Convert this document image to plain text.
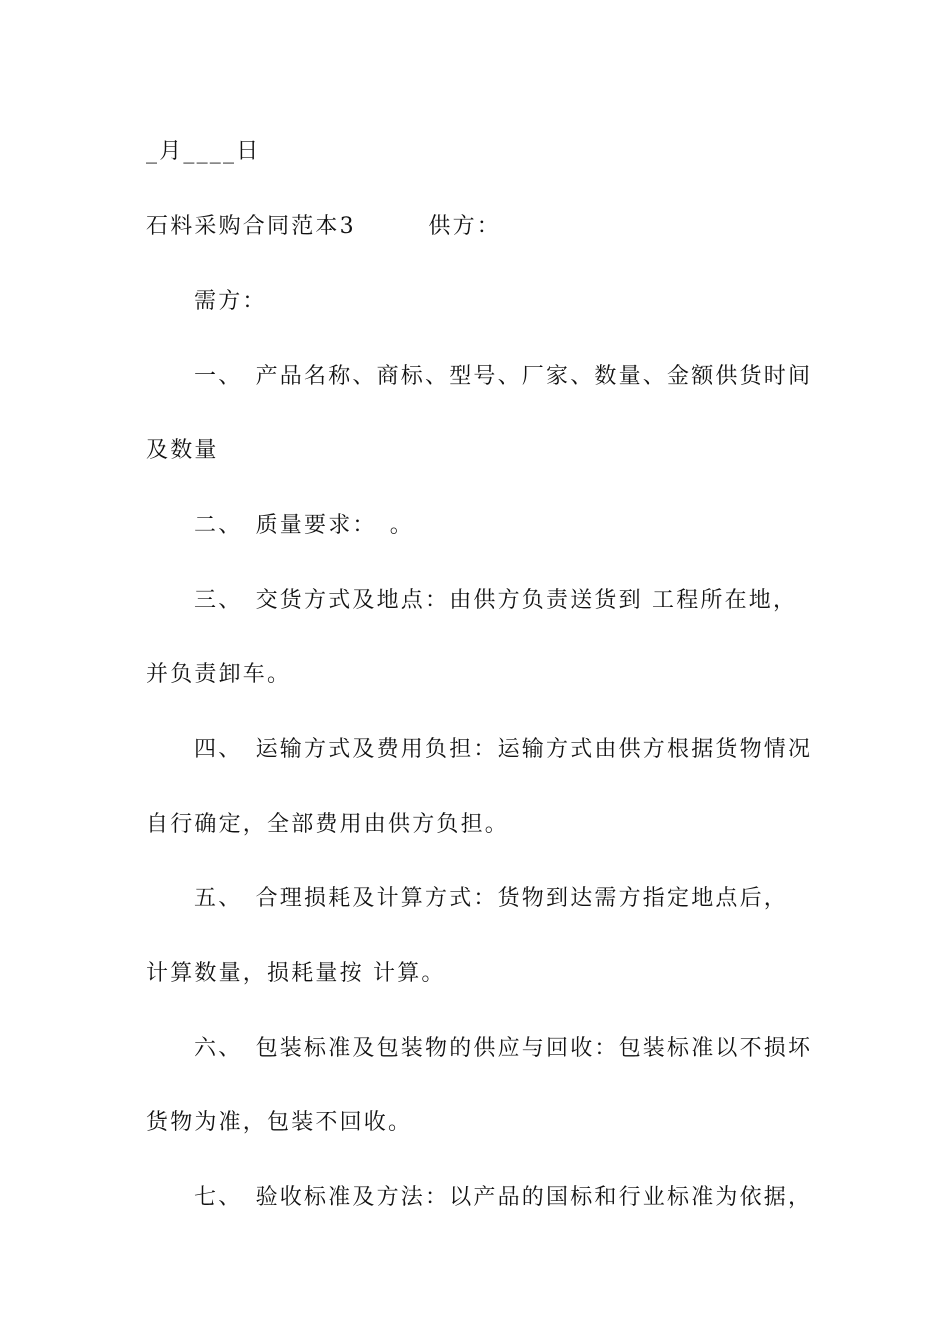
_月____日
石料采购合同范本3　　　供方：
需方：
一、　产品名称、商标、型号、厂家、数量、金额供货时间
及数量
二、　质量要求：　。
三、　交货方式及地点：由供方负责送货到 工程所在地，
并负责卸车。
四、　运输方式及费用负担：运输方式由供方根据货物情况
自行确定，全部费用由供方负担。
五、　合理损耗及计算方式：货物到达需方指定地点后，
计算数量，损耗量按 计算。
六、　包装标准及包装物的供应与回收：包装标准以不损坏
货物为准，包装不回收。
七、　验收标准及方法：以产品的国标和行业标准为依据，
